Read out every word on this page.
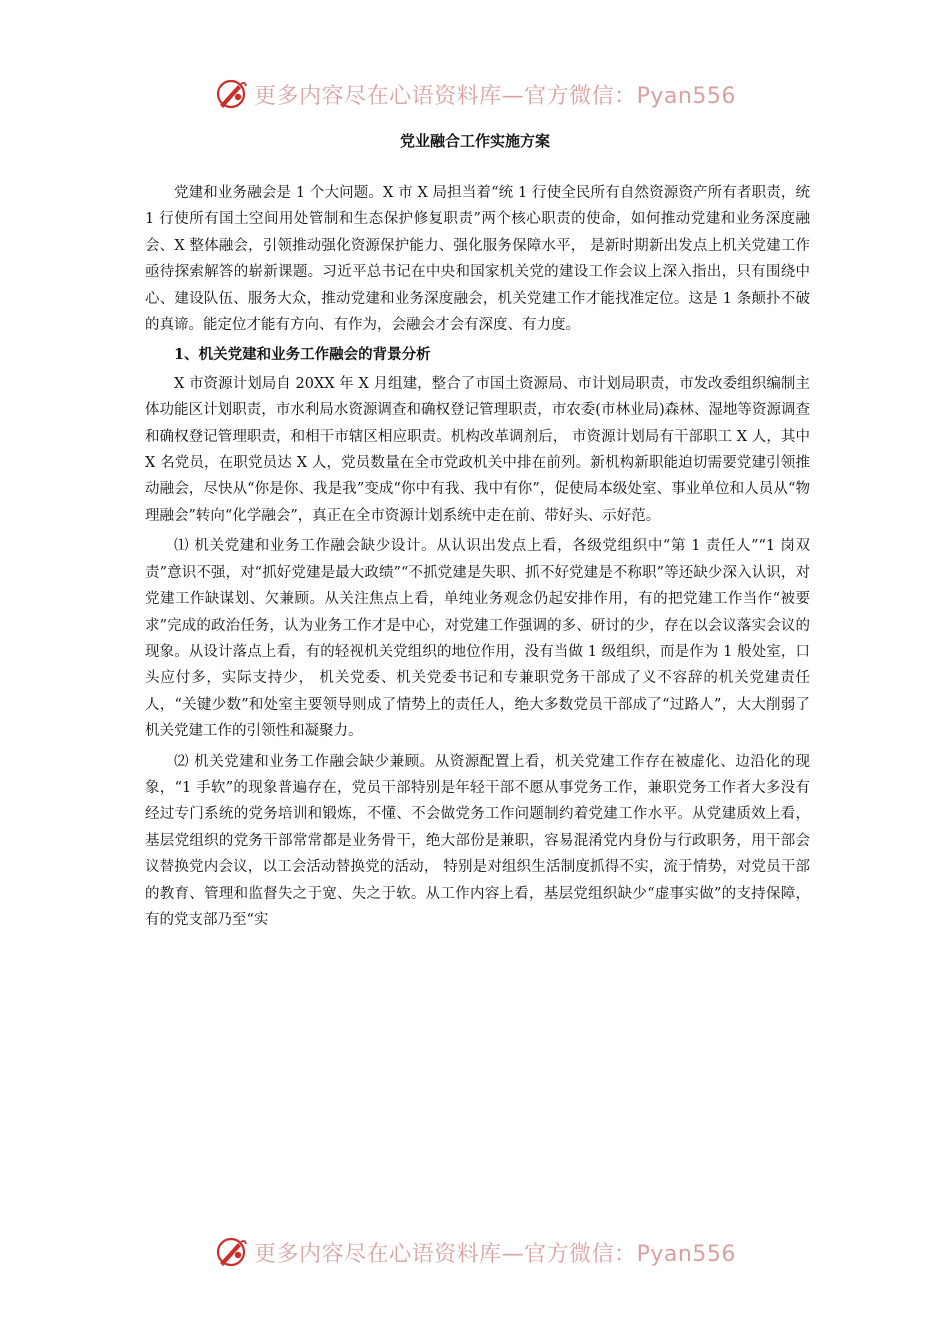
更多内容尽在心语资料库—官方微信：Pyan556
党业融合工作实施方案

党建和业务融会是 1 个大问题。X 市 X 局担当着“统 1 行使全民所有自然资源资产所有者职责，统 1 行使所有国土空间用处管制和生态保护修复职责”两个核心职责的使命，如何推动党建和业务深度融会、X 整体融会，引领推动强化资源保护能力、强化服务保障水平， 是新时期新出发点上机关党建工作亟待探索解答的崭新课题。习近平总书记在中央和国家机关党的建设工作会议上深入指出，只有围绕中心、建设队伍、服务大众，推动党建和业务深度融会，机关党建工作才能找准定位。这是 1 条颠扑不破的真谛。能定位才能有方向、有作为，会融会才会有深度、有力度。

1、机关党建和业务工作融会的背景分析

X 市资源计划局自 20XX 年 X 月组建，整合了市国土资源局、市计划局职责，市发改委组织编制主体功能区计划职责，市水利局水资源调查和确权登记管理职责，市农委(市林业局)森林、湿地等资源调查和确权登记管理职责，和相干市辖区相应职责。机构改革调剂后， 市资源计划局有干部职工 X 人，其中 X 名党员，在职党员达 X 人，党员数量在全市党政机关中排在前列。新机构新职能迫切需要党建引领推动融会，尽快从“你是你、我是我”变成“你中有我、我中有你”，促使局本级处室、事业单位和人员从“物理融会”转向“化学融会”，真正在全市资源计划系统中走在前、带好头、示好范。

⑴ 机关党建和业务工作融会缺少设计。从认识出发点上看，各级党组织中“第 1 责任人”“1 岗双责”意识不强，对“抓好党建是最大政绩”“不抓党建是失职、抓不好党建是不称职”等还缺少深入认识，对党建工作缺谋划、欠兼顾。从关注焦点上看，单纯业务观念仍起安排作用，有的把党建工作当作“被要求”完成的政治任务，认为业务工作才是中心，对党建工作强调的多、研讨的少，存在以会议落实会议的现象。从设计落点上看，有的轻视机关党组织的地位作用，没有当做 1 级组织，而是作为 1 般处室，口头应付多，实际支持少， 机关党委、机关党委书记和专兼职党务干部成了义不容辞的机关党建责任人，“关键少数”和处室主要领导则成了情势上的责任人，绝大多数党员干部成了“过路人”，大大削弱了机关党建工作的引领性和凝聚力。

⑵ 机关党建和业务工作融会缺少兼顾。从资源配置上看，机关党建工作存在被虚化、边沿化的现象，“1 手软”的现象普遍存在，党员干部特别是年轻干部不愿从事党务工作，兼职党务工作者大多没有经过专门系统的党务培训和锻炼，不懂、不会做党务工作问题制约着党建工作水平。从党建质效上看，基层党组织的党务干部常常都是业务骨干，绝大部份是兼职，容易混淆党内身份与行政职务，用干部会议替换党内会议，以工会活动替换党的活动， 特别是对组织生活制度抓得不实，流于情势，对党员干部的教育、管理和监督失之于宽、失之于软。从工作内容上看，基层党组织缺少“虚事实做”的支持保障，有的党支部乃至“实

更多内容尽在心语资料库—官方微信：Pyan556
